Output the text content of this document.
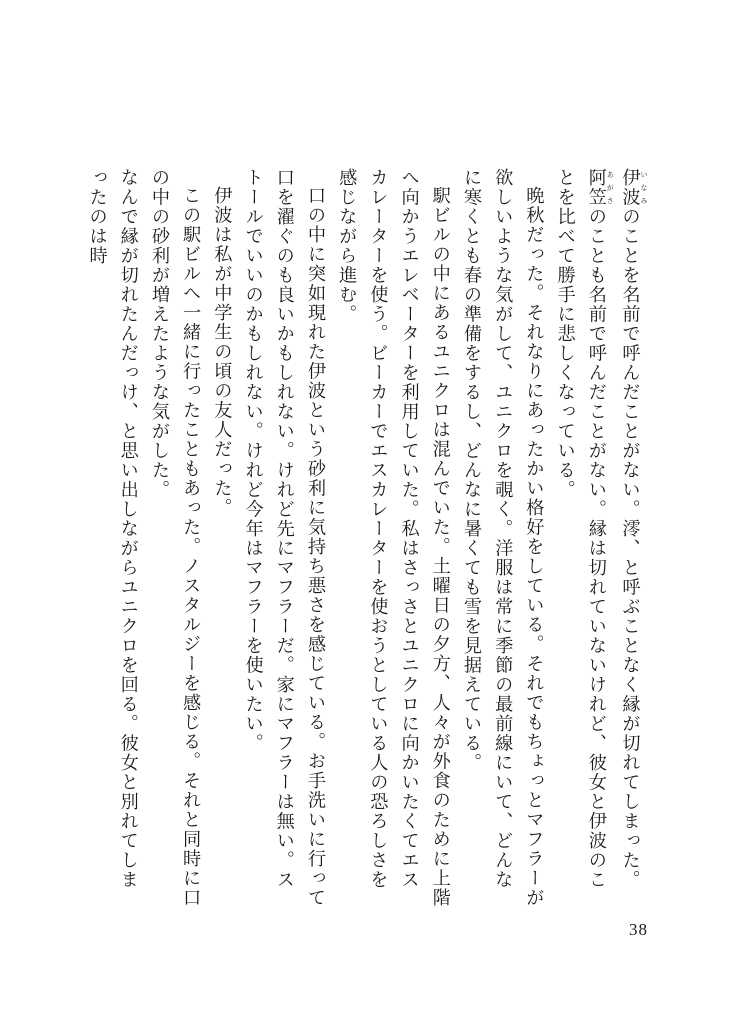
伊波 いなみのことを名前で呼んだことがない。澪、と呼ぶことなく縁が切れてしまった。

阿笠 あがさのことも名前で呼んだことがない。縁は切れていないけれど、彼女と伊波のことを比べて勝手に悲しくなっている。

晩秋だった。それなりにあったかい格好をしている。それでもちょっとマフラーが欲しいような気がして、ユニクロを覗く。洋服は常に季節の最前線にいて、どんなに寒くとも春の準備をするし、どんなに暑くても雪を見据えている。

駅ビルの中にあるユニクロは混んでいた。土曜日の夕方、人々が外食のために上階へ向かうエレベーターを利用していた。私はさっさとユニクロに向かいたくてエスカレーターを使う。ビーカーでエスカレーターを使おうとしている人の恐ろしさを感じながら進む。

口の中に突如現れた伊波という砂利に気持ち悪さを感じている。お手洗いに行って口を濯ぐのも良いかもしれない。けれど先にマフラーだ。家にマフラーは無い。ストールでいいのかもしれない。けれど今年はマフラーを使いたい。

伊波は私が中学生の頃の友人だった。

この駅ビルへ一緒に行ったこともあった。ノスタルジーを感じる。それと同時に口の中の砂利が増えたような気がした。

なんで縁が切れたんだっけ、と思い出しながらユニクロを回る。彼女と別れてしまったのは時

38
